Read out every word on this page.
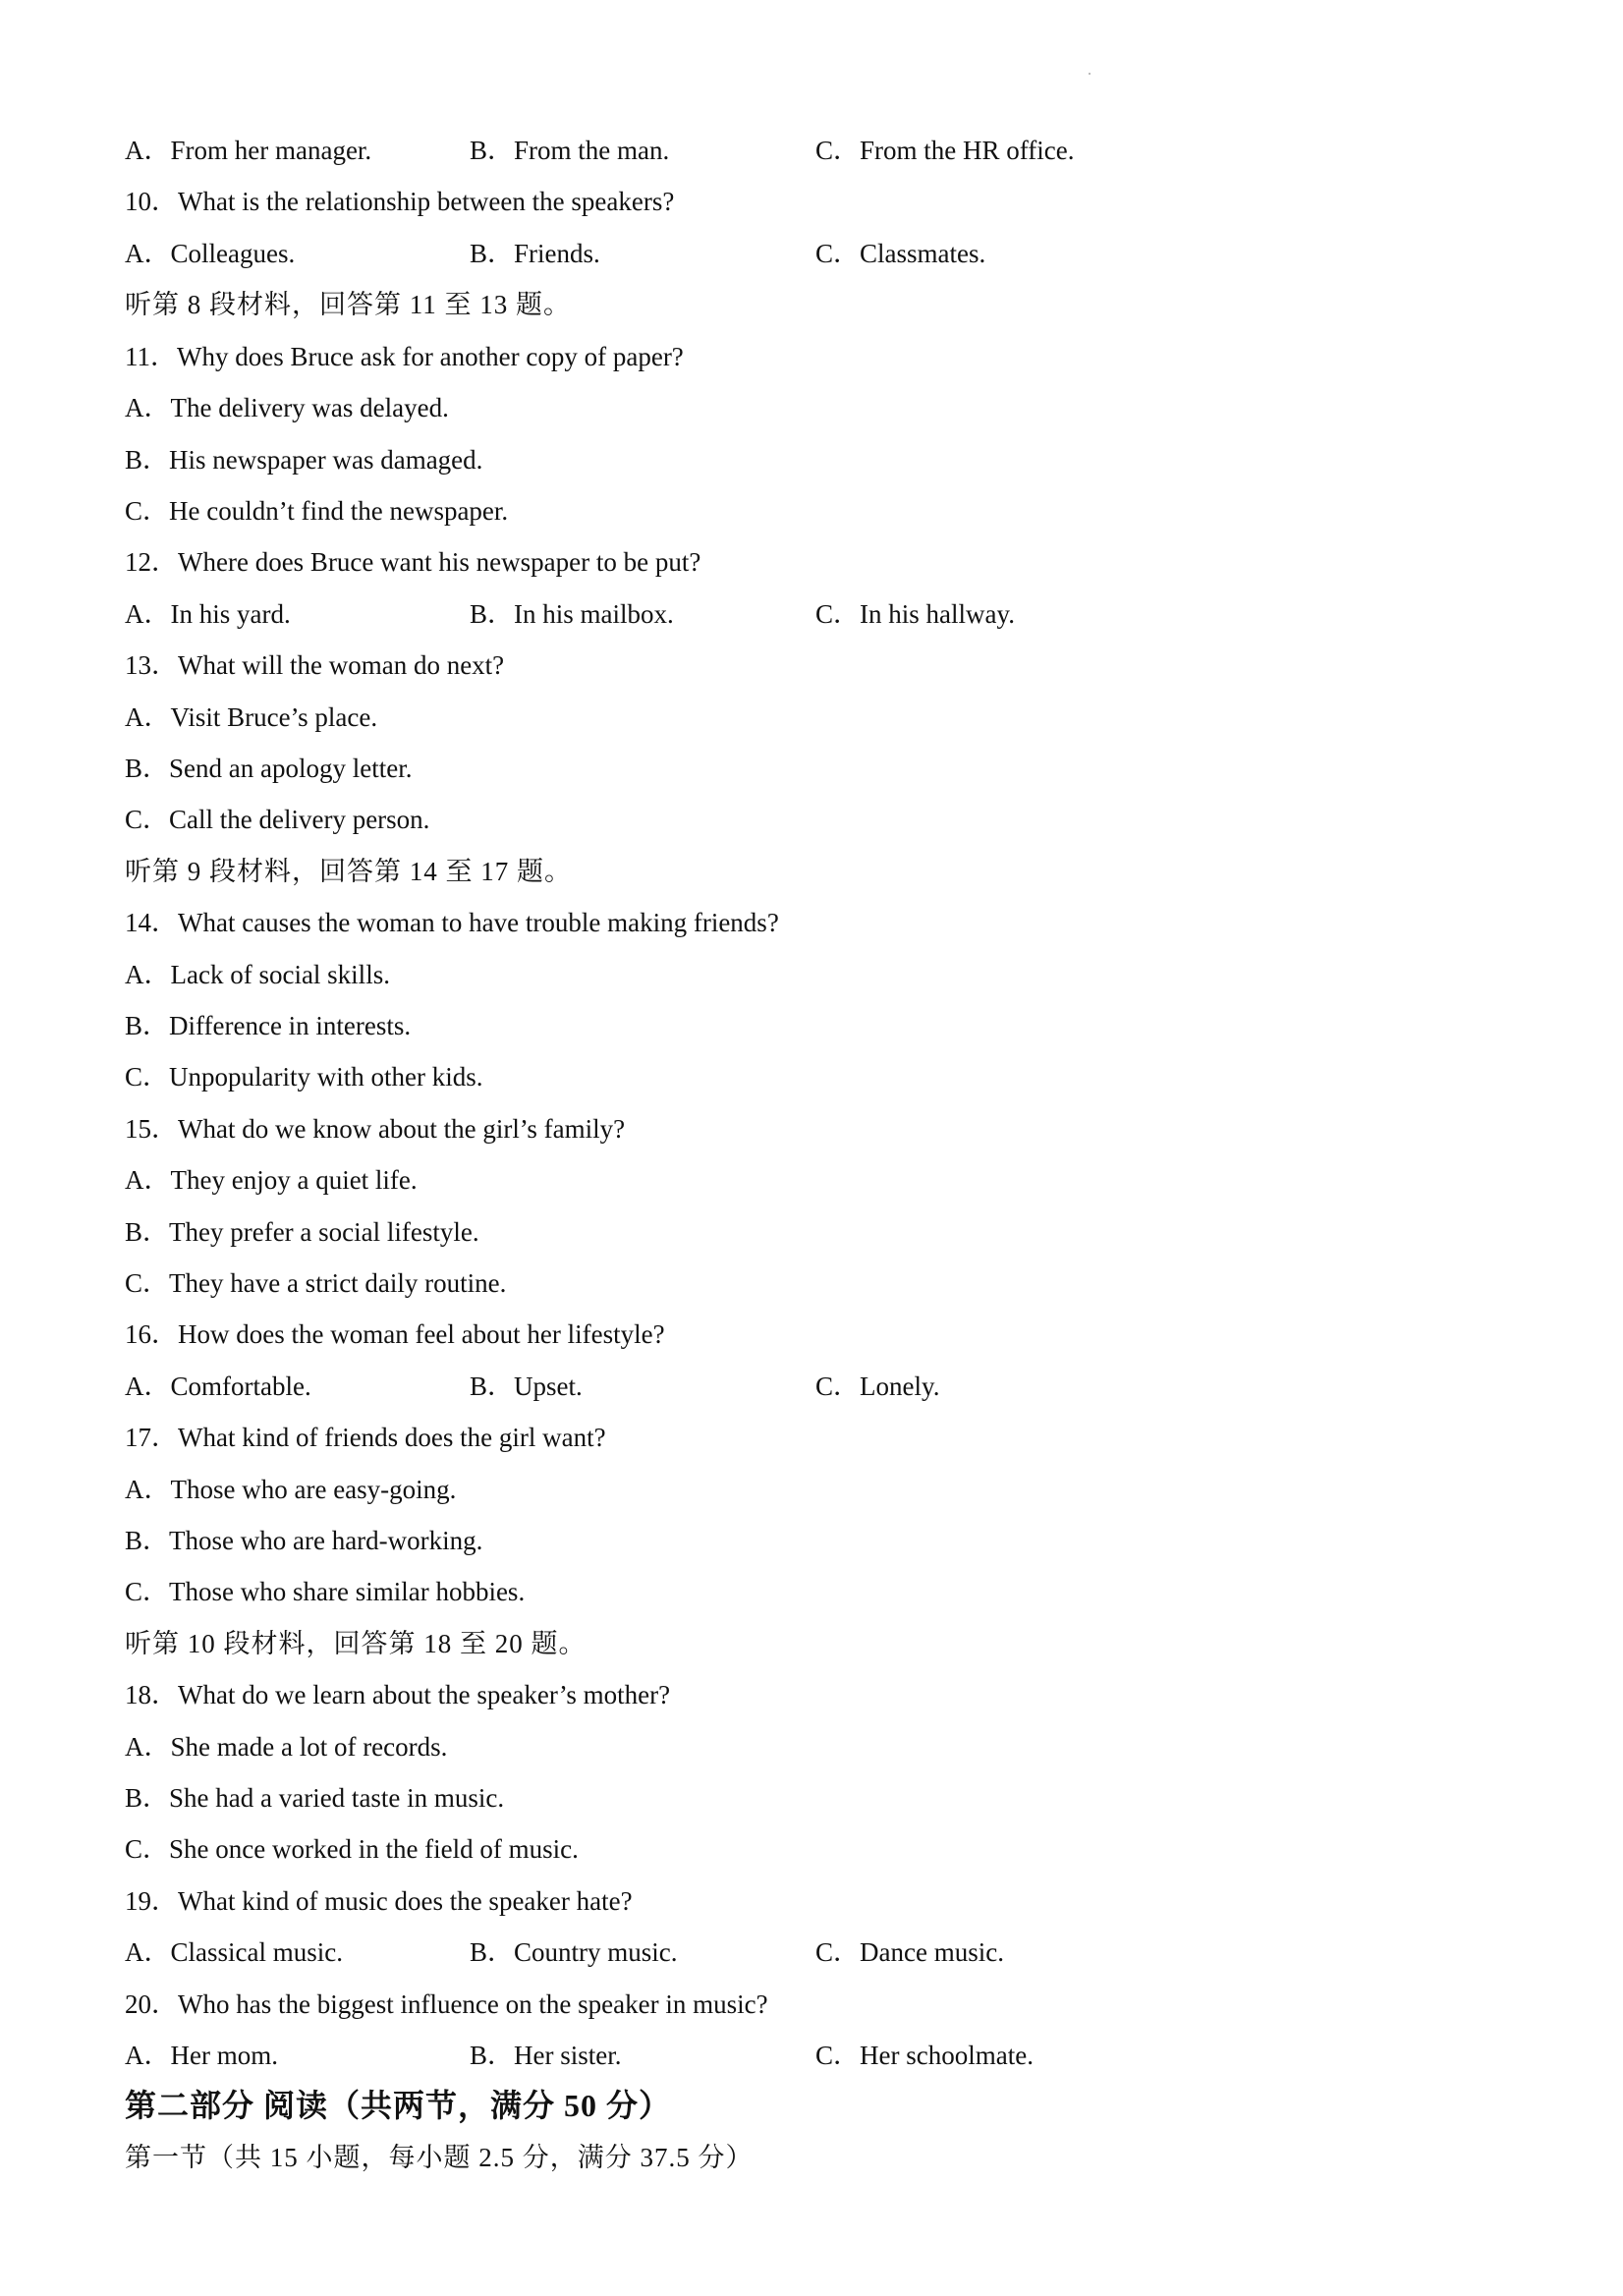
A．From her manager.	B．From the man.	C．From the HR office.
10．What is the relationship between the speakers?
A．Colleagues.	B．Friends.	C．Classmates.
听第 8 段材料，回答第 11 至 13 题。
11．Why does Bruce ask for another copy of paper?
A．The delivery was delayed.
B．His newspaper was damaged.
C．He couldn’t find the newspaper.
12．Where does Bruce want his newspaper to be put?
A．In his yard.	B．In his mailbox.	C．In his hallway.
13．What will the woman do next?
A．Visit Bruce’s place.
B．Send an apology letter.
C．Call the delivery person.
听第 9 段材料，回答第 14 至 17 题。
14．What causes the woman to have trouble making friends?
A．Lack of social skills.
B．Difference in interests.
C．Unpopularity with other kids.
15．What do we know about the girl’s family?
A．They enjoy a quiet life.
B．They prefer a social lifestyle.
C．They have a strict daily routine.
16．How does the woman feel about her lifestyle?
A．Comfortable.	B．Upset.	C．Lonely.
17．What kind of friends does the girl want?
A．Those who are easy-going.
B．Those who are hard-working.
C．Those who share similar hobbies.
听第 10 段材料，回答第 18 至 20 题。
18．What do we learn about the speaker’s mother?
A．She made a lot of records.
B．She had a varied taste in music.
C．She once worked in the field of music.
19．What kind of music does the speaker hate?
A．Classical music.	B．Country music.	C．Dance music.
20．Who has the biggest influence on the speaker in music?
A．Her mom.	B．Her sister.	C．Her schoolmate.
第二部分 阅读（共两节，满分 50 分）
第一节（共 15 小题，每小题 2.5 分，满分 37.5 分）
